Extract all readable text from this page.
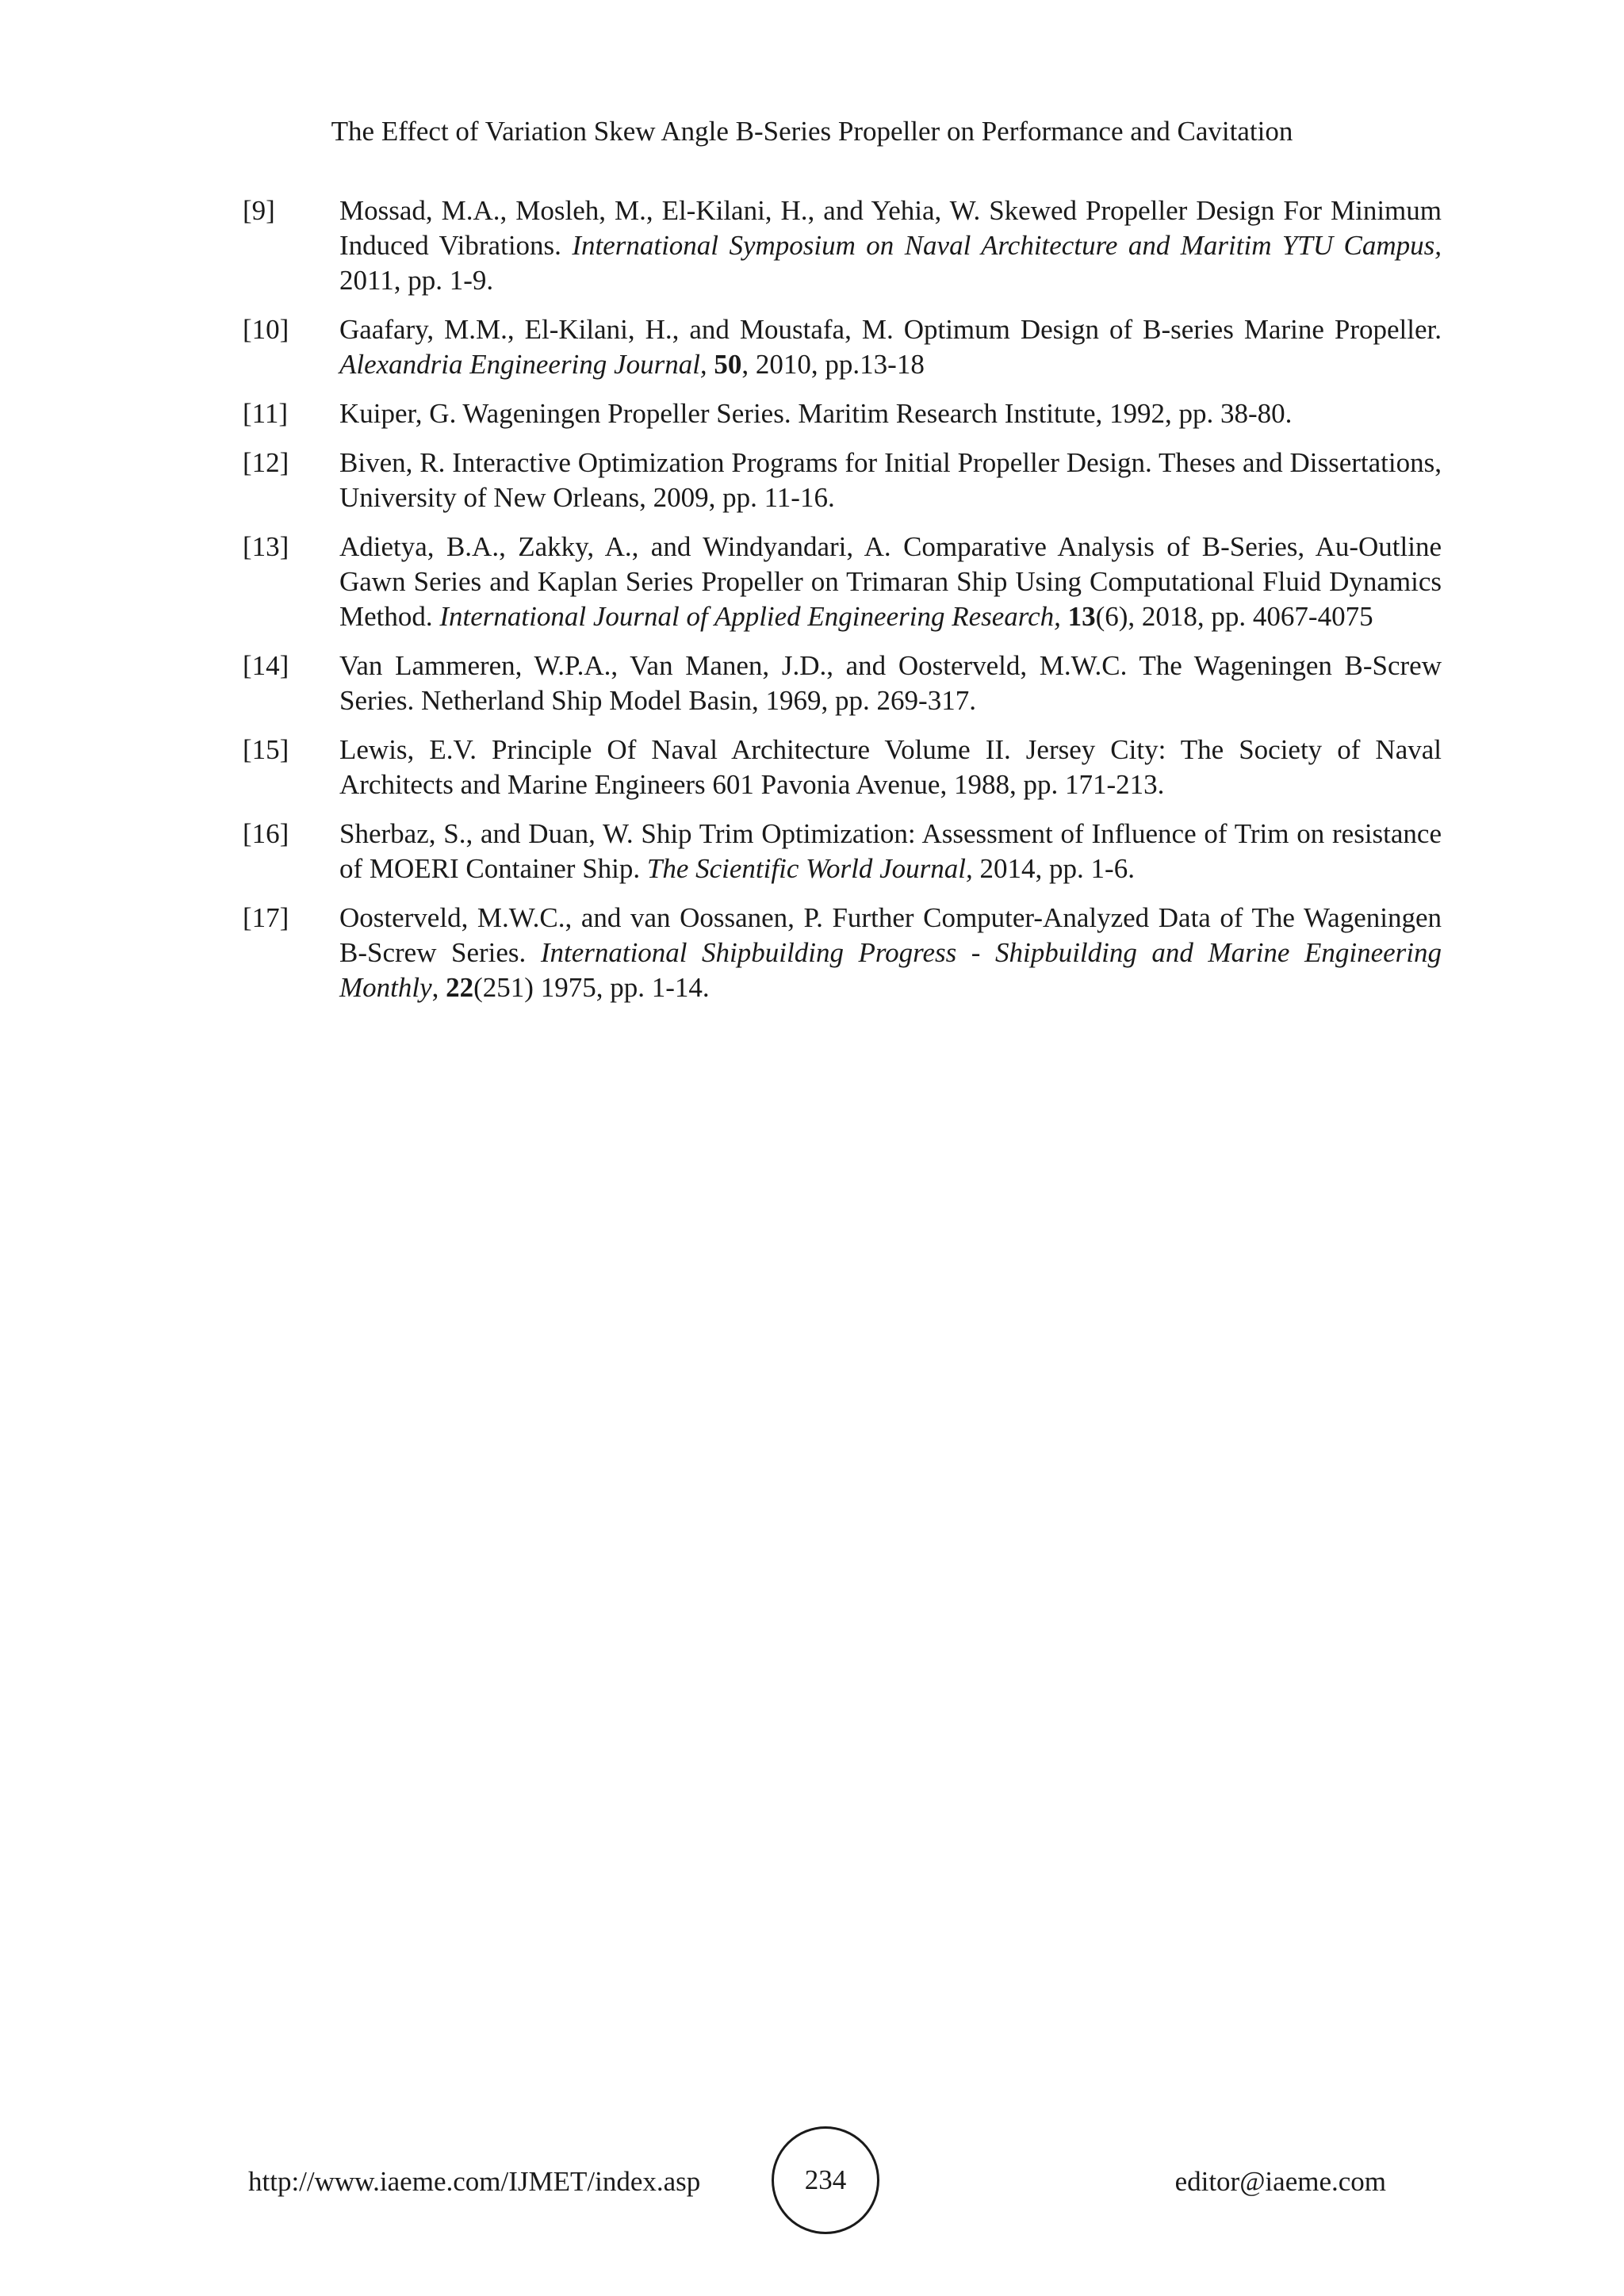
The Effect of Variation Skew Angle B-Series Propeller on Performance and Cavitation
[9]	Mossad, M.A., Mosleh, M., El-Kilani, H., and Yehia, W. Skewed Propeller Design For Minimum Induced Vibrations. International Symposium on Naval Architecture and Maritim YTU Campus, 2011, pp. 1-9.
[10]	Gaafary, M.M., El-Kilani, H., and Moustafa, M. Optimum Design of B-series Marine Propeller. Alexandria Engineering Journal, 50, 2010, pp.13-18
[11]	Kuiper, G. Wageningen Propeller Series. Maritim Research Institute, 1992, pp. 38-80.
[12]	Biven, R. Interactive Optimization Programs for Initial Propeller Design. Theses and Dissertations, University of New Orleans, 2009, pp. 11-16.
[13]	Adietya, B.A., Zakky, A., and Windyandari, A. Comparative Analysis of B-Series, Au-Outline Gawn Series and Kaplan Series Propeller on Trimaran Ship Using Computational Fluid Dynamics Method. International Journal of Applied Engineering Research, 13(6), 2018, pp. 4067-4075
[14]	Van Lammeren, W.P.A., Van Manen, J.D., and Oosterveld, M.W.C. The Wageningen B-Screw Series. Netherland Ship Model Basin, 1969, pp. 269-317.
[15]	Lewis, E.V. Principle Of Naval Architecture Volume II. Jersey City: The Society of Naval Architects and Marine Engineers 601 Pavonia Avenue, 1988, pp. 171-213.
[16]	Sherbaz, S., and Duan, W. Ship Trim Optimization: Assessment of Influence of Trim on resistance of MOERI Container Ship. The Scientific World Journal, 2014, pp. 1-6.
[17]	Oosterveld, M.W.C., and van Oossanen, P. Further Computer-Analyzed Data of The Wageningen B-Screw Series. International Shipbuilding Progress - Shipbuilding and Marine Engineering Monthly, 22(251) 1975, pp. 1-14.
http://www.iaeme.com/IJMET/index.asp	234	editor@iaeme.com
